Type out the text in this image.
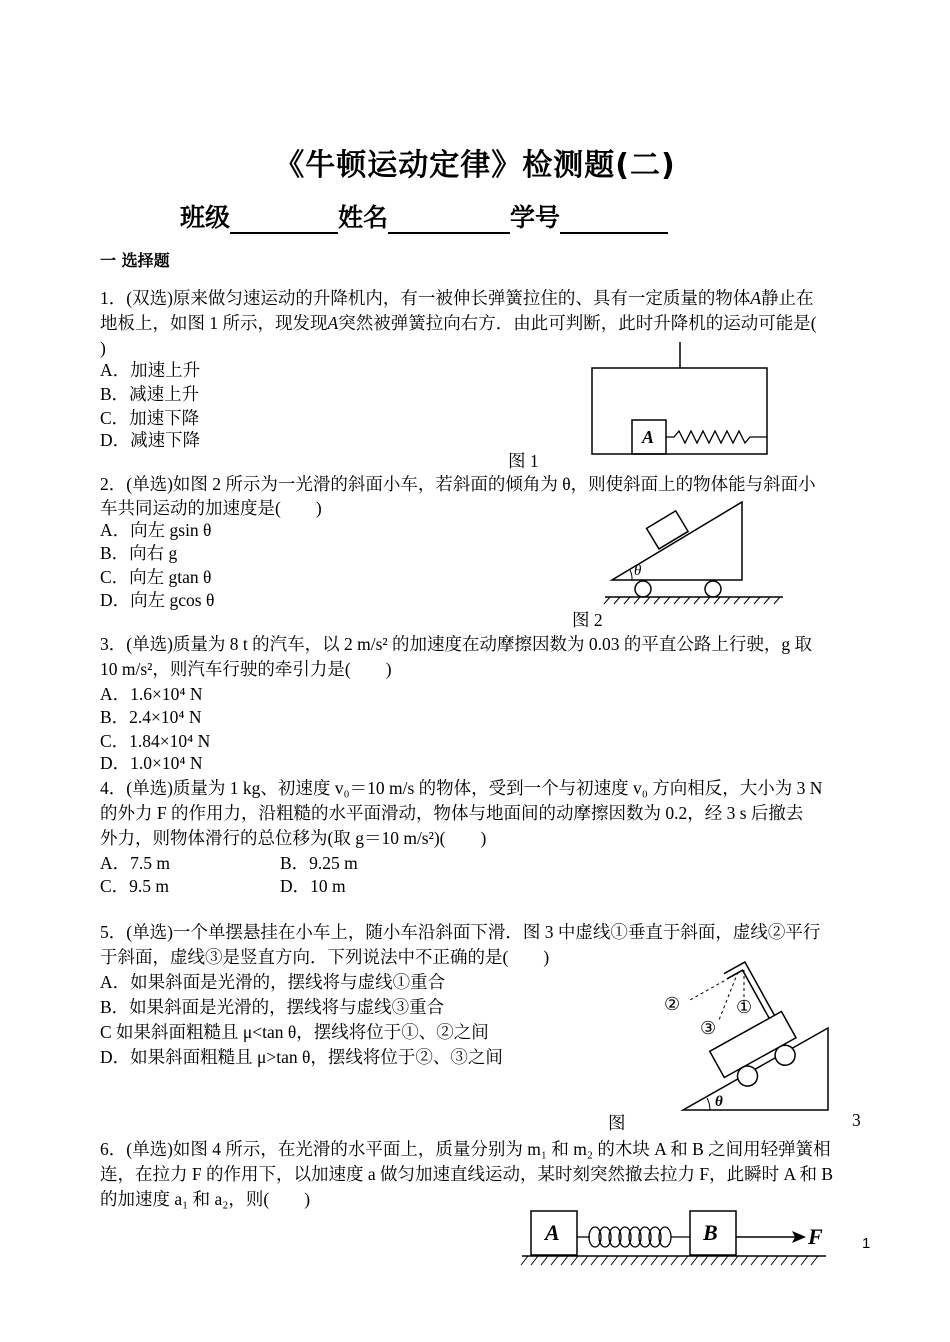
《牛顿运动定律》检测题(二)
班级	姓名	学号
一 选择题
1．(双选)原来做匀速运动的升降机内，有一被伸长弹簧拉住的、具有一定质量的物体A静止在
地板上，如图 1 所示，现发现A突然被弹簧拉向右方．由此可判断，此时升降机的运动可能是(
)
A．加速上升
B．减速上升
C．加速下降
D．减速下降	A
图 1
2．(单选)如图 2 所示为一光滑的斜面小车，若斜面的倾角为 θ，则使斜面上的物体能与斜面小
车共同运动的加速度是(　　)
A．向左 gsin θ
B．向右 g
C．向左 gtan θ
D．向左 gcos θ
θ
图 2
3．(单选)质量为 8 t 的汽车，以 2 m/s² 的加速度在动摩擦因数为 0.03 的平直公路上行驶，g 取
10 m/s²，则汽车行驶的牵引力是(　　)
A．1.6×10⁴ N
B．2.4×10⁴ N
C．1.84×10⁴ N
D．1.0×10⁴ N
4．(单选)质量为 1 kg、初速度 v₀＝10 m/s 的物体，受到一个与初速度 v₀ 方向相反，大小为 3 N
的外力 F 的作用力，沿粗糙的水平面滑动，物体与地面间的动摩擦因数为 0.2，经 3 s 后撤去
外力，则物体滑行的总位移为(取 g＝10 m/s²)(　　)
A．7.5 m	B．9.25 m
C．9.5 m	D．10 m
5．(单选)一个单摆悬挂在小车上，随小车沿斜面下滑．图 3 中虚线①垂直于斜面，虚线②平行
于斜面，虚线③是竖直方向．下列说法中不正确的是(　　)
A．如果斜面是光滑的，摆线将与虚线①重合
B．如果斜面是光滑的，摆线将与虚线③重合
C 如果斜面粗糙且 μ<tan θ，摆线将位于①、②之间
D．如果斜面粗糙且 μ>tan θ，摆线将位于②、③之间
②
③
①
θ
图	3
6．(单选)如图 4 所示，在光滑的水平面上，质量分别为 m₁ 和 m₂ 的木块 A 和 B 之间用轻弹簧相
连，在拉力 F 的作用下，以加速度 a 做匀加速直线运动，某时刻突然撤去拉力 F，此瞬时 A 和 B
的加速度 a₁ 和 a₂，则(　　)
A	B	F	1
